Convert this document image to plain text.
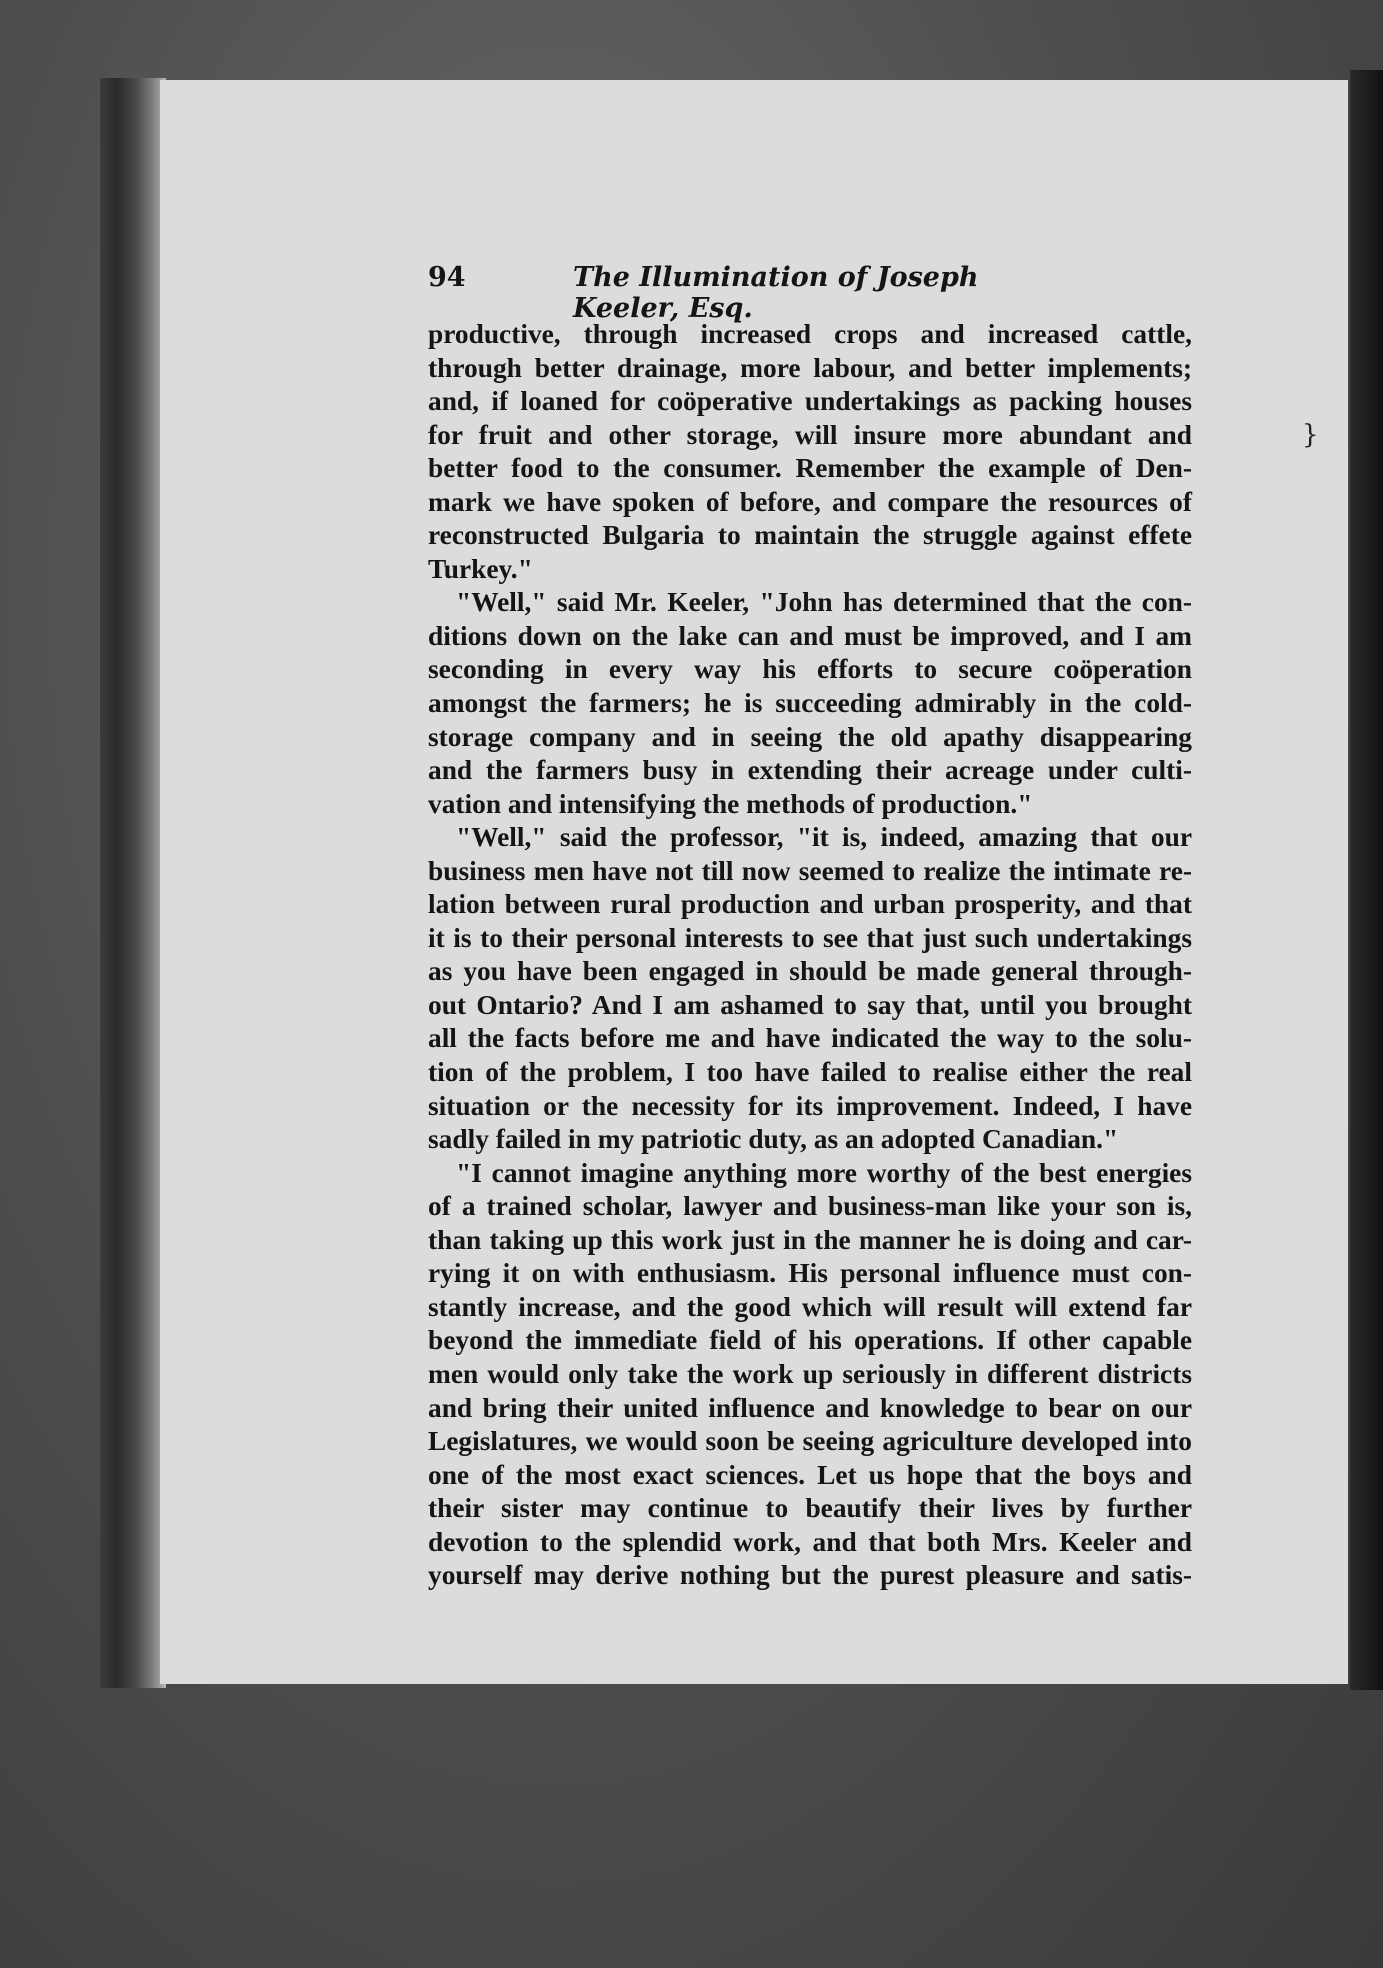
94	The Illumination of Joseph Keeler, Esq.
}
productive, through increased crops and increased cattle,
through better drainage, more labour, and better implements;
and, if loaned for coöperative undertakings as packing houses
for fruit and other storage, will insure more abundant and
better food to the consumer. Remember the example of Den-
mark we have spoken of before, and compare the resources of
reconstructed Bulgaria to maintain the struggle against effete
Turkey."
"Well," said Mr. Keeler, "John has determined that the con-
ditions down on the lake can and must be improved, and I am
seconding in every way his efforts to secure coöperation
amongst the farmers; he is succeeding admirably in the cold-
storage company and in seeing the old apathy disappearing
and the farmers busy in extending their acreage under culti-
vation and intensifying the methods of production."
"Well," said the professor, "it is, indeed, amazing that our
business men have not till now seemed to realize the intimate re-
lation between rural production and urban prosperity, and that
it is to their personal interests to see that just such undertakings
as you have been engaged in should be made general through-
out Ontario? And I am ashamed to say that, until you brought
all the facts before me and have indicated the way to the solu-
tion of the problem, I too have failed to realise either the real
situation or the necessity for its improvement. Indeed, I have
sadly failed in my patriotic duty, as an adopted Canadian."
"I cannot imagine anything more worthy of the best energies
of a trained scholar, lawyer and business-man like your son is,
than taking up this work just in the manner he is doing and car-
rying it on with enthusiasm. His personal influence must con-
stantly increase, and the good which will result will extend far
beyond the immediate field of his operations. If other capable
men would only take the work up seriously in different districts
and bring their united influence and knowledge to bear on our
Legislatures, we would soon be seeing agriculture developed into
one of the most exact sciences. Let us hope that the boys and
their sister may continue to beautify their lives by further
devotion to the splendid work, and that both Mrs. Keeler and
yourself may derive nothing but the purest pleasure and satis-
